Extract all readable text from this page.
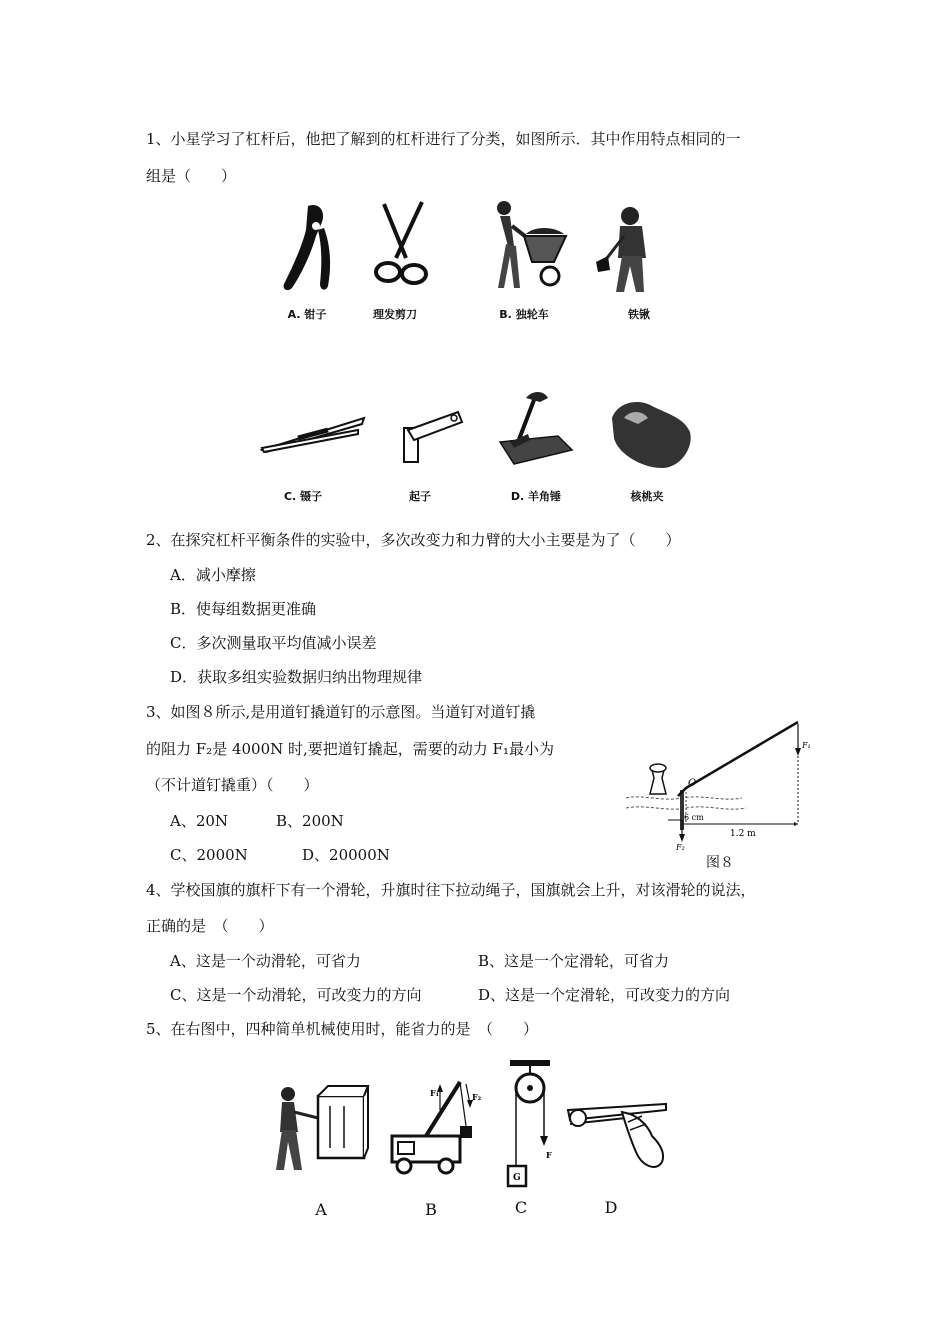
1、小星学习了杠杆后，他把了解到的杠杆进行了分类，如图所示．其中作用特点相同的一
组是（　　）
A. 钳子	理发剪刀	B. 独轮车	铁锹
C. 镊子	起子	D. 羊角锤	核桃夹
2、在探究杠杆平衡条件的实验中，多次改变力和力臂的大小主要是为了（　　）
A．减小摩擦
B．使每组数据更准确
C．多次测量取平均值减小误差
D．获取多组实验数据归纳出物理规律
3、如图８所示,是用道钉撬道钉的示意图。当道钉对道钉撬
的阻力 F₂是 4000N 时,要把道钉撬起，需要的动力 F₁最小为
（不计道钉撬重）（　　）
A、20N	B、200N
C、2000N	D、20000N
O
F₁
F₂
6 cm
1.2 m
图８
4、学校国旗的旗杆下有一个滑轮，升旗时往下拉动绳子，国旗就会上升，对该滑轮的说法，
正确的是　（　　）
A、这是一个动滑轮，可省力	B、这是一个定滑轮，可省力
C、这是一个动滑轮，可改变力的方向	D、这是一个定滑轮，可改变力的方向
5、在右图中，四种简单机械使用时，能省力的是　（　　）
F₁	F₂
F
G
A	B	C	D
